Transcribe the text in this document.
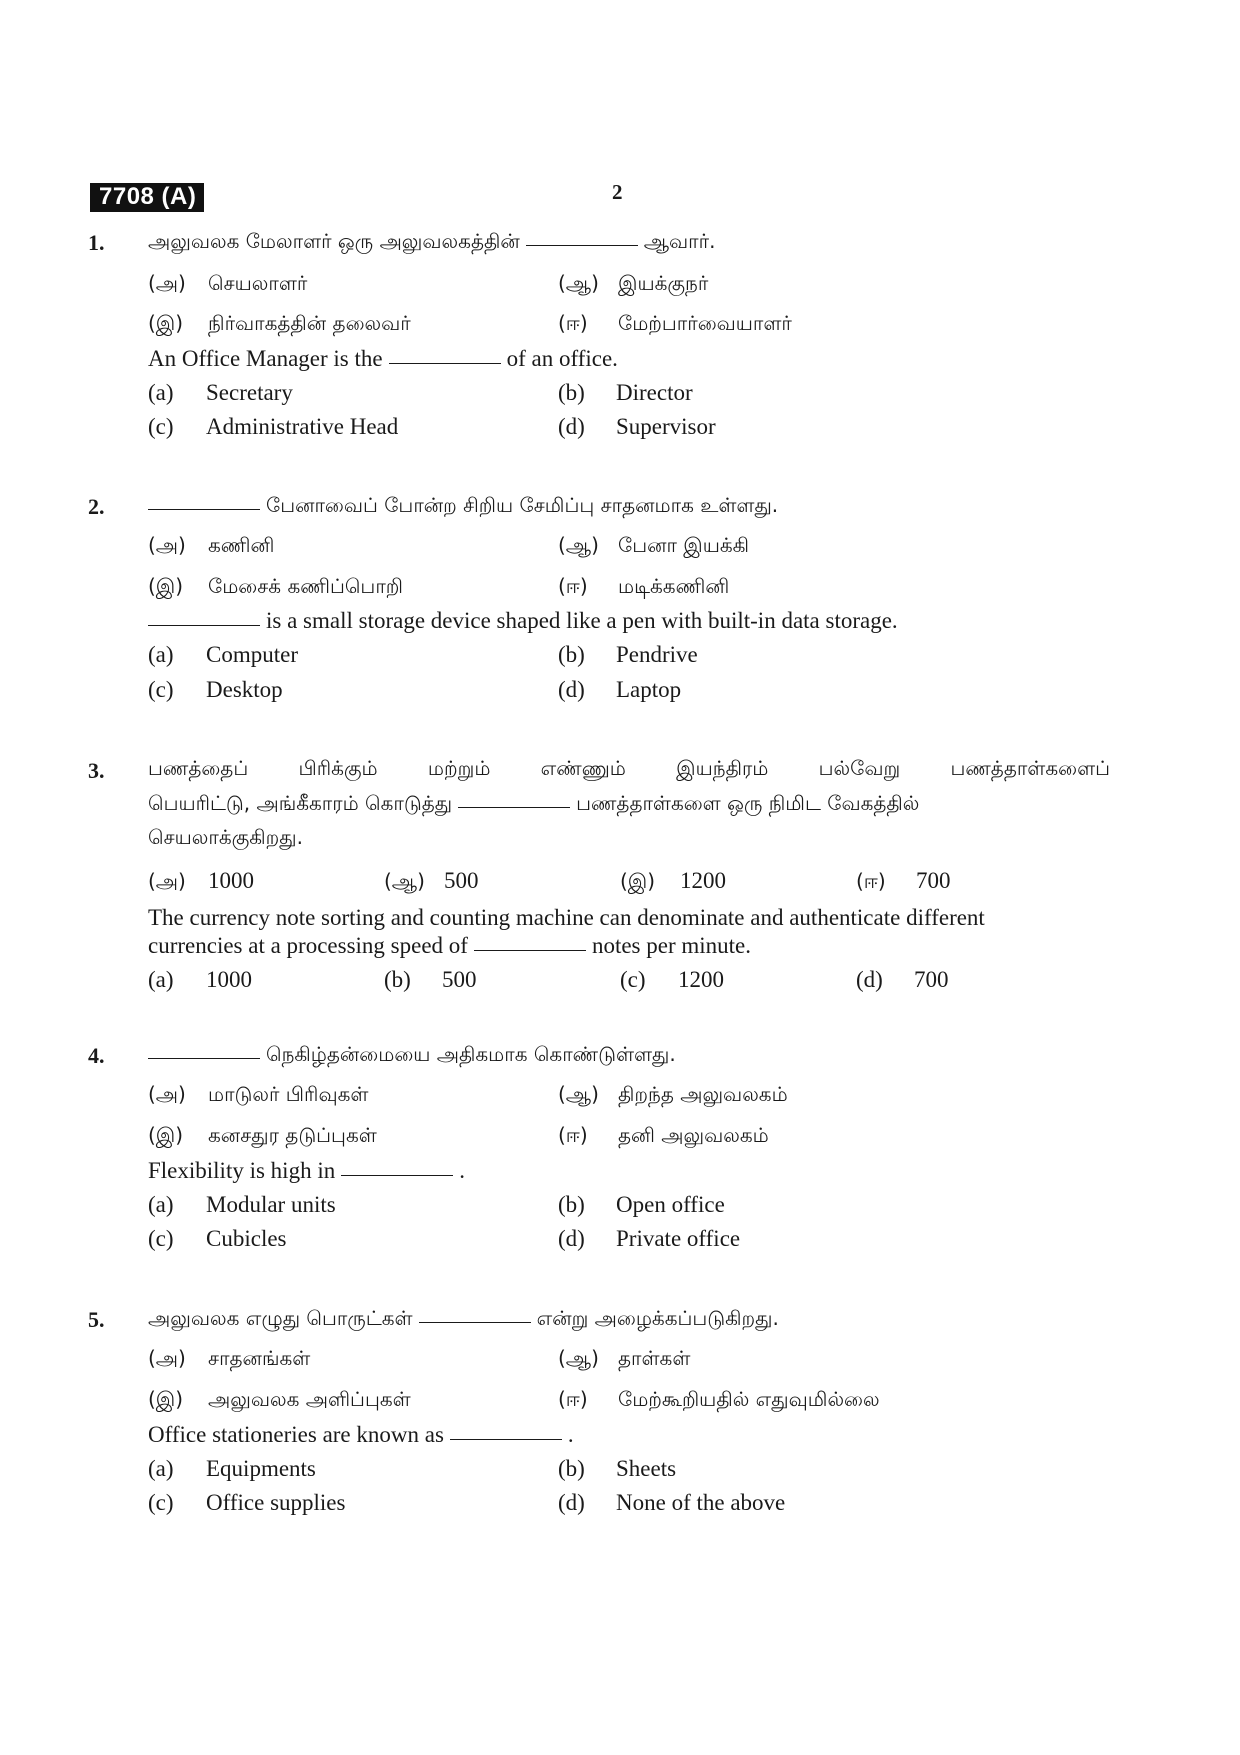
7708 (A)	2
1. அலுவலக மேலாளர் ஒரு அலுவலகத்தின்	ஆவார்.
(அ) செயலாளர்	(ஆ) இயக்குநர்
(இ) நிர்வாகத்தின் தலைவர்	(ஈ) மேற்பார்வையாளர்
An Office Manager is the	of an office.
(a) Secretary	(b) Director
(c) Administrative Head	(d) Supervisor
2.	பேனாவைப் போன்ற சிறிய சேமிப்பு சாதனமாக உள்ளது.
(அ) கணினி	(ஆ) பேனா இயக்கி
(இ) மேசைக் கணிப்பொறி	(ஈ) மடிக்கணினி
is a small storage device shaped like a pen with built-in data storage.
(a) Computer	(b) Pendrive
(c) Desktop	(d) Laptop
3. பணத்தைப் பிரிக்கும் மற்றும் எண்ணும் இயந்திரம் பல்வேறு பணத்தாள்களைப்
பெயரிட்டு, அங்கீகாரம் கொடுத்து	பணத்தாள்களை ஒரு நிமிட வேகத்தில்
செயலாக்குகிறது.
(அ) 1000	(ஆ) 500	(இ) 1200	(ஈ) 700
The currency note sorting and counting machine can denominate and authenticate different
currencies at a processing speed of	notes per minute.
(a) 1000	(b) 500	(c) 1200	(d) 700
4.	நெகிழ்தன்மையை அதிகமாக கொண்டுள்ளது.
(அ) மாடுலர் பிரிவுகள்	(ஆ) திறந்த அலுவலகம்
(இ) கனசதுர தடுப்புகள்	(ஈ) தனி அலுவலகம்
Flexibility is high in	.
(a) Modular units	(b) Open office
(c) Cubicles	(d) Private office
5. அலுவலக எழுது பொருட்கள்	என்று அழைக்கப்படுகிறது.
(அ) சாதனங்கள்	(ஆ) தாள்கள்
(இ) அலுவலக அளிப்புகள்	(ஈ) மேற்கூறியதில் எதுவுமில்லை
Office stationeries are known as	.
(a) Equipments	(b) Sheets
(c) Office supplies	(d) None of the above
